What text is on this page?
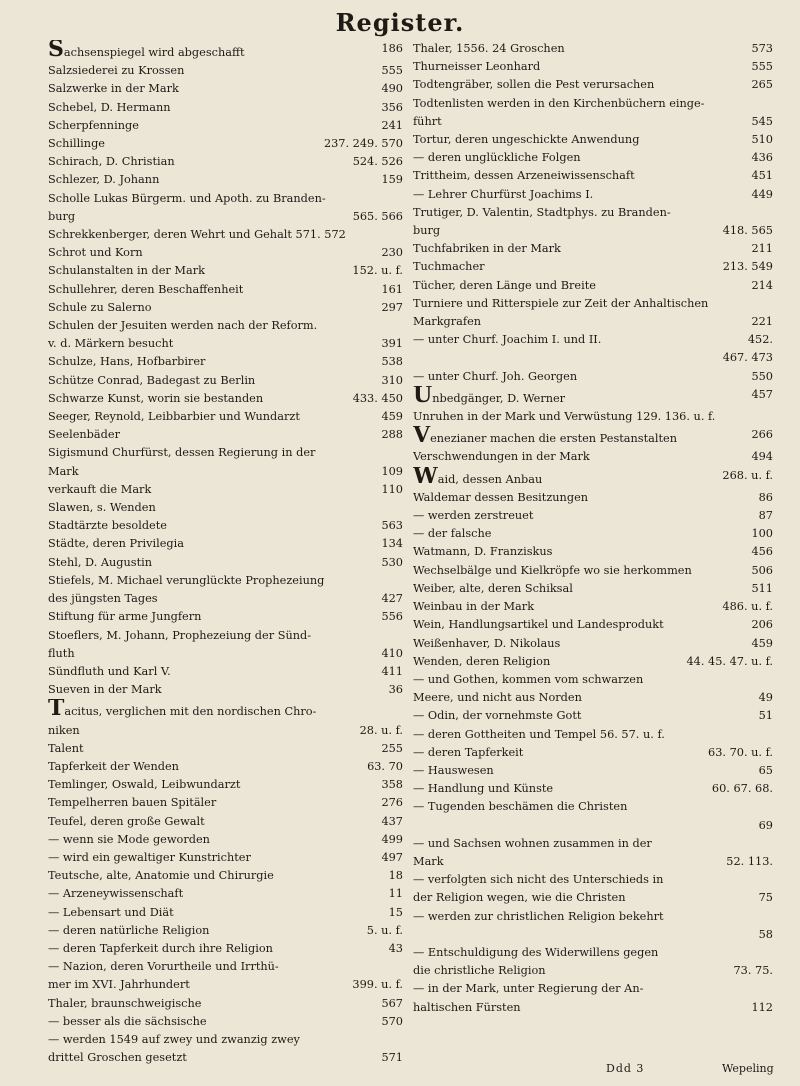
Register.
Sachsenspiegel wird abgeschafft	186
Salzsiederei zu Krossen	555
Salzwerke in der Mark	490
Schebel, D. Hermann	356
Scherpfenninge	241
Schillinge	237. 249. 570
Schirach, D. Christian	524. 526
Schlezer, D. Johann	159
Scholle Lukas Bürgerm. und Apoth. zu Branden-
burg	565. 566
Schrekkenberger, deren Wehrt und Gehalt 571. 572
Schrot und Korn	230
Schulanstalten in der Mark	152. u. f.
Schullehrer, deren Beschaffenheit	161
Schule zu Salerno	297
Schulen der Jesuiten werden nach der Reform.
v. d. Märkern besucht	391
Schulze, Hans, Hofbarbirer	538
Schütze Conrad, Badegast zu Berlin	310
Schwarze Kunst, worin sie bestanden	433. 450
Seeger, Reynold, Leibbarbier und Wundarzt	459
Seelenbäder	288
Sigismund Churfürst, dessen Regierung in der
Mark	109
verkauft die Mark	110
Slawen, s. Wenden
Stadtärzte besoldete	563
Städte, deren Privilegia	134
Stehl, D. Augustin	530
Stiefels, M. Michael verunglückte Prophezeiung
des jüngsten Tages	427
Stiftung für arme Jungfern	556
Stoeflers, M. Johann, Prophezeiung der Sünd-
fluth	410
Sündfluth und Karl V.	411
Sueven in der Mark	36
Tacitus, verglichen mit den nordischen Chro-
niken	28. u. f.
Talent	255
Tapferkeit der Wenden	63. 70
Temlinger, Oswald, Leibwundarzt	358
Tempelherren bauen Spitäler	276
Teufel, deren große Gewalt	437
— wenn sie Mode geworden	499
— wird ein gewaltiger Kunstrichter	497
Teutsche, alte, Anatomie und Chirurgie	18
— Arzeneywissenschaft	11
— Lebensart und Diät	15
— deren natürliche Religion	5. u. f.
— deren Tapferkeit durch ihre Religion	43
— Nazion, deren Vorurtheile und Irrthü-
mer im XVI. Jahrhundert	399. u. f.
Thaler, braunschweigische	567
— besser als die sächsische	570
— werden 1549 auf zwey und zwanzig zwey
drittel Groschen gesetzt	571
Thaler, 1556. 24 Groschen	573
Thurneisser Leonhard	555
Todtengräber, sollen die Pest verursachen	265
Todtenlisten werden in den Kirchenbüchern einge-
führt	545
Tortur, deren ungeschickte Anwendung	510
— deren unglückliche Folgen	436
Trittheim, dessen Arzeneiwissenschaft	451
— Lehrer Churfürst Joachims I.	449
Trutiger, D. Valentin, Stadtphys. zu Branden-
burg	418. 565
Tuchfabriken in der Mark	211
Tuchmacher	213. 549
Tücher, deren Länge und Breite	214
Turniere und Ritterspiele zur Zeit der Anhaltischen
Markgrafen	221
— unter Churf. Joachim I. und II.	452.
467. 473
— unter Churf. Joh. Georgen	550
Unbedgänger, D. Werner	457
Unruhen in der Mark und Verwüstung 129. 136. u. f.
Venezianer machen die ersten Pestanstalten	266
Verschwendungen in der Mark	494
Waid, dessen Anbau	268. u. f.
Waldemar dessen Besitzungen	86
— werden zerstreuet	87
— der falsche	100
Watmann, D. Franziskus	456
Wechselbälge und Kielkröpfe wo sie herkommen	506
Weiber, alte, deren Schiksal	511
Weinbau in der Mark	486. u. f.
Wein, Handlungsartikel und Landesprodukt	206
Weißenhaver, D. Nikolaus	459
Wenden, deren Religion	44. 45. 47. u. f.
— und Gothen, kommen vom schwarzen
Meere, und nicht aus Norden	49
— Odin, der vornehmste Gott	51
— deren Gottheiten und Tempel 56. 57. u. f.
— deren Tapferkeit	63. 70. u. f.
— Hauswesen	65
— Handlung und Künste	60. 67. 68.
— Tugenden beschämen die Christen
69
— und Sachsen wohnen zusammen in der
Mark	52. 113.
— verfolgten sich nicht des Unterschieds in
der Religion wegen, wie die Christen	75
— werden zur christlichen Religion bekehrt
58
— Entschuldigung des Widerwillens gegen
die christliche Religion	73. 75.
— in der Mark, unter Regierung der An-
haltischen Fürsten	112
Ddd 3	Wepeling
